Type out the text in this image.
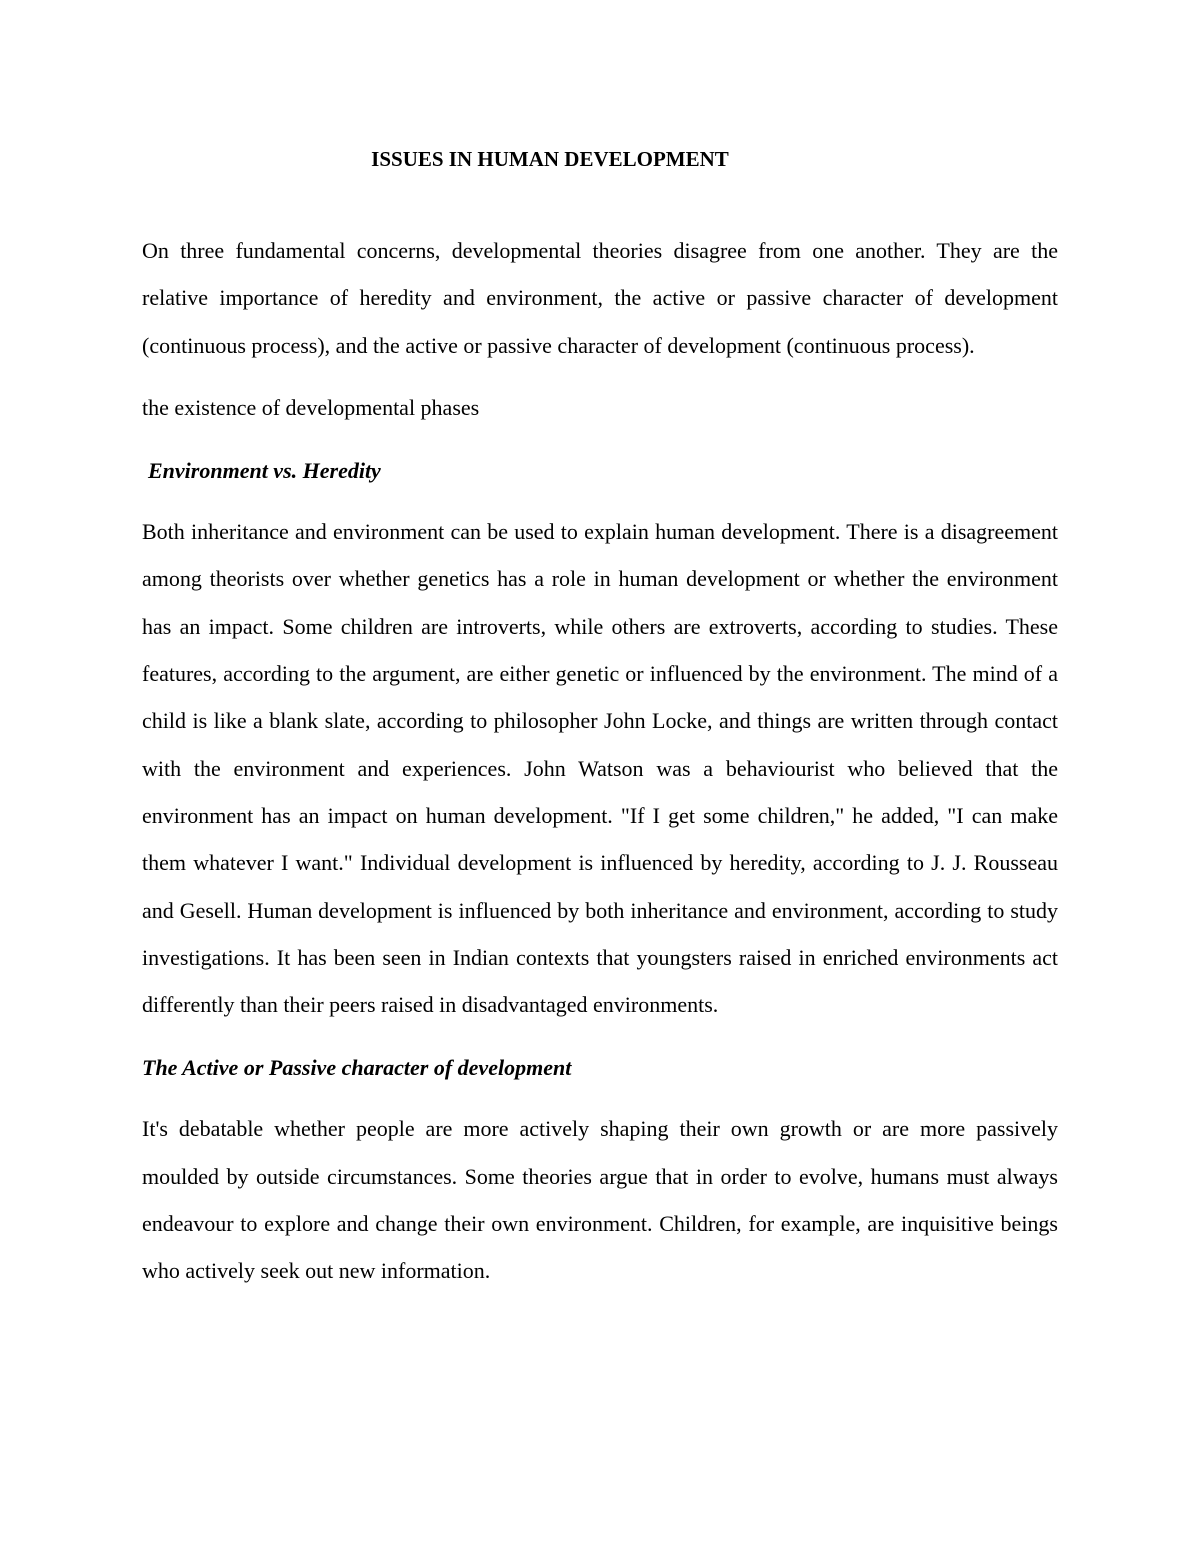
ISSUES IN HUMAN DEVELOPMENT

On three fundamental concerns, developmental theories disagree from one another. They are the relative importance of heredity and environment, the active or passive character of development (continuous process), and the active or passive character of development (continuous process).

the existence of developmental phases

Environment vs. Heredity

Both inheritance and environment can be used to explain human development. There is a disagreement among theorists over whether genetics has a role in human development or whether the environment has an impact. Some children are introverts, while others are extroverts, according to studies. These features, according to the argument, are either genetic or influenced by the environment. The mind of a child is like a blank slate, according to philosopher John Locke, and things are written through contact with the environment and experiences. John Watson was a behaviourist who believed that the environment has an impact on human development. "If I get some children," he added, "I can make them whatever I want." Individual development is influenced by heredity, according to J. J. Rousseau and Gesell. Human development is influenced by both inheritance and environment, according to study investigations. It has been seen in Indian contexts that youngsters raised in enriched environments act differently than their peers raised in disadvantaged environments.

The Active or Passive character of development

It's debatable whether people are more actively shaping their own growth or are more passively moulded by outside circumstances. Some theories argue that in order to evolve, humans must always endeavour to explore and change their own environment. Children, for example, are inquisitive beings who actively seek out new information.
